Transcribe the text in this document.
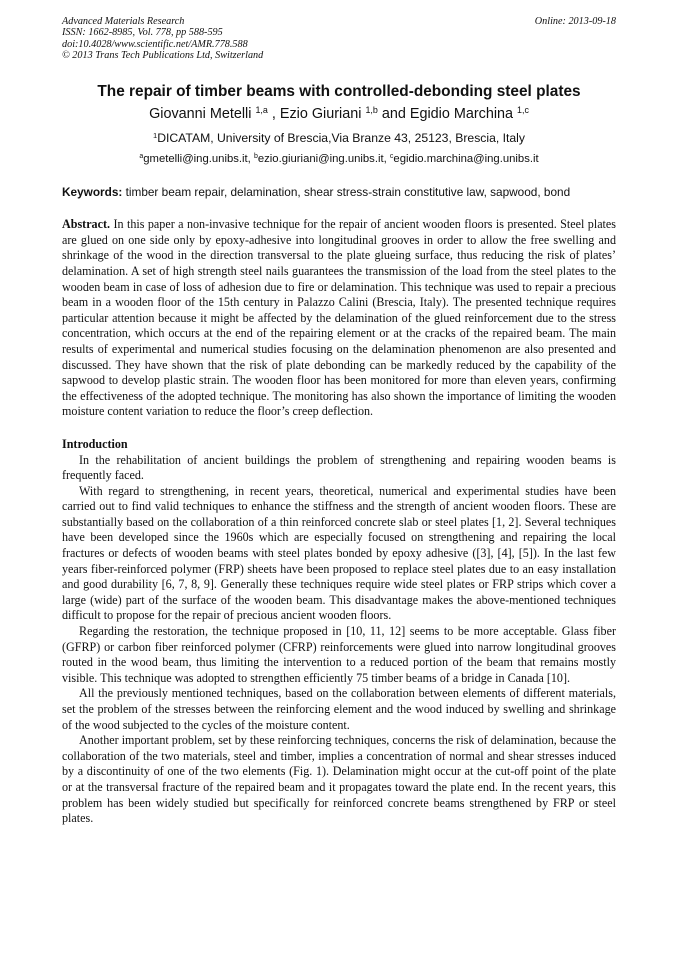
Advanced Materials Research
ISSN: 1662-8985, Vol. 778, pp 588-595
doi:10.4028/www.scientific.net/AMR.778.588
© 2013 Trans Tech Publications Ltd, Switzerland
Online: 2013-09-18
The repair of timber beams with controlled-debonding steel plates
Giovanni Metelli $^{1,a}$ , Ezio Giuriani $^{1,b}$ and Egidio Marchina $^{1,c}$
$^1$DICATAM, University of Brescia,Via Branze 43, 25123, Brescia, Italy
$^a$gmetelli@ing.unibs.it, $^b$ezio.giuriani@ing.unibs.it, $^c$egidio.marchina@ing.unibs.it
Keywords: timber beam repair, delamination, shear stress-strain constitutive law, sapwood, bond
Abstract. In this paper a non-invasive technique for the repair of ancient wooden floors is presented. Steel plates are glued on one side only by epoxy-adhesive into longitudinal grooves in order to allow the free swelling and shrinkage of the wood in the direction transversal to the plate glueing surface, thus reducing the risk of plates’ delamination. A set of high strength steel nails guarantees the transmission of the load from the steel plates to the wooden beam in case of loss of adhesion due to fire or delamination. This technique was used to repair a precious beam in a wooden floor of the 15th century in Palazzo Calini (Brescia, Italy). The presented technique requires particular attention because it might be affected by the delamination of the glued reinforcement due to the stress concentration, which occurs at the end of the repairing element or at the cracks of the repaired beam. The main results of experimental and numerical studies focusing on the delamination phenomenon are also presented and discussed. They have shown that the risk of plate debonding can be markedly reduced by the capability of the sapwood to develop plastic strain. The wooden floor has been monitored for more than eleven years, confirming the effectiveness of the adopted technique. The monitoring has also shown the importance of limiting the wooden moisture content variation to reduce the floor’s creep deflection.
Introduction

In the rehabilitation of ancient buildings the problem of strengthening and repairing wooden beams is frequently faced.

With regard to strengthening, in recent years, theoretical, numerical and experimental studies have been carried out to find valid techniques to enhance the stiffness and the strength of ancient wooden floors. These are substantially based on the collaboration of a thin reinforced concrete slab or steel plates [1, 2]. Several techniques have been developed since the 1960s which are especially focused on strengthening and repairing the local fractures or defects of wooden beams with steel plates bonded by epoxy adhesive ([3], [4], [5]). In the last few years fiber-reinforced polymer (FRP) sheets have been proposed to replace steel plates due to an easy installation and good durability [6, 7, 8, 9]. Generally these techniques require wide steel plates or FRP strips which cover a large (wide) part of the surface of the wooden beam. This disadvantage makes the above-mentioned techniques difficult to propose for the repair of precious ancient wooden floors.

Regarding the restoration, the technique proposed in [10, 11, 12] seems to be more acceptable. Glass fiber (GFRP) or carbon fiber reinforced polymer (CFRP) reinforcements were glued into narrow longitudinal grooves routed in the wood beam, thus limiting the intervention to a reduced portion of the beam that remains mostly visible. This technique was adopted to strengthen efficiently 75 timber beams of a bridge in Canada [10].

All the previously mentioned techniques, based on the collaboration between elements of different materials, set the problem of the stresses between the reinforcing element and the wood induced by swelling and shrinkage of the wood subjected to the cycles of the moisture content.

Another important problem, set by these reinforcing techniques, concerns the risk of delamination, because the collaboration of the two materials, steel and timber, implies a concentration of normal and shear stresses induced by a discontinuity of one of the two elements (Fig. 1). Delamination might occur at the cut-off point of the plate or at the transversal fracture of the repaired beam and it propagates toward the plate end. In the recent years, this problem has been widely studied but specifically for reinforced concrete beams strengthened by FRP or steel plates.
